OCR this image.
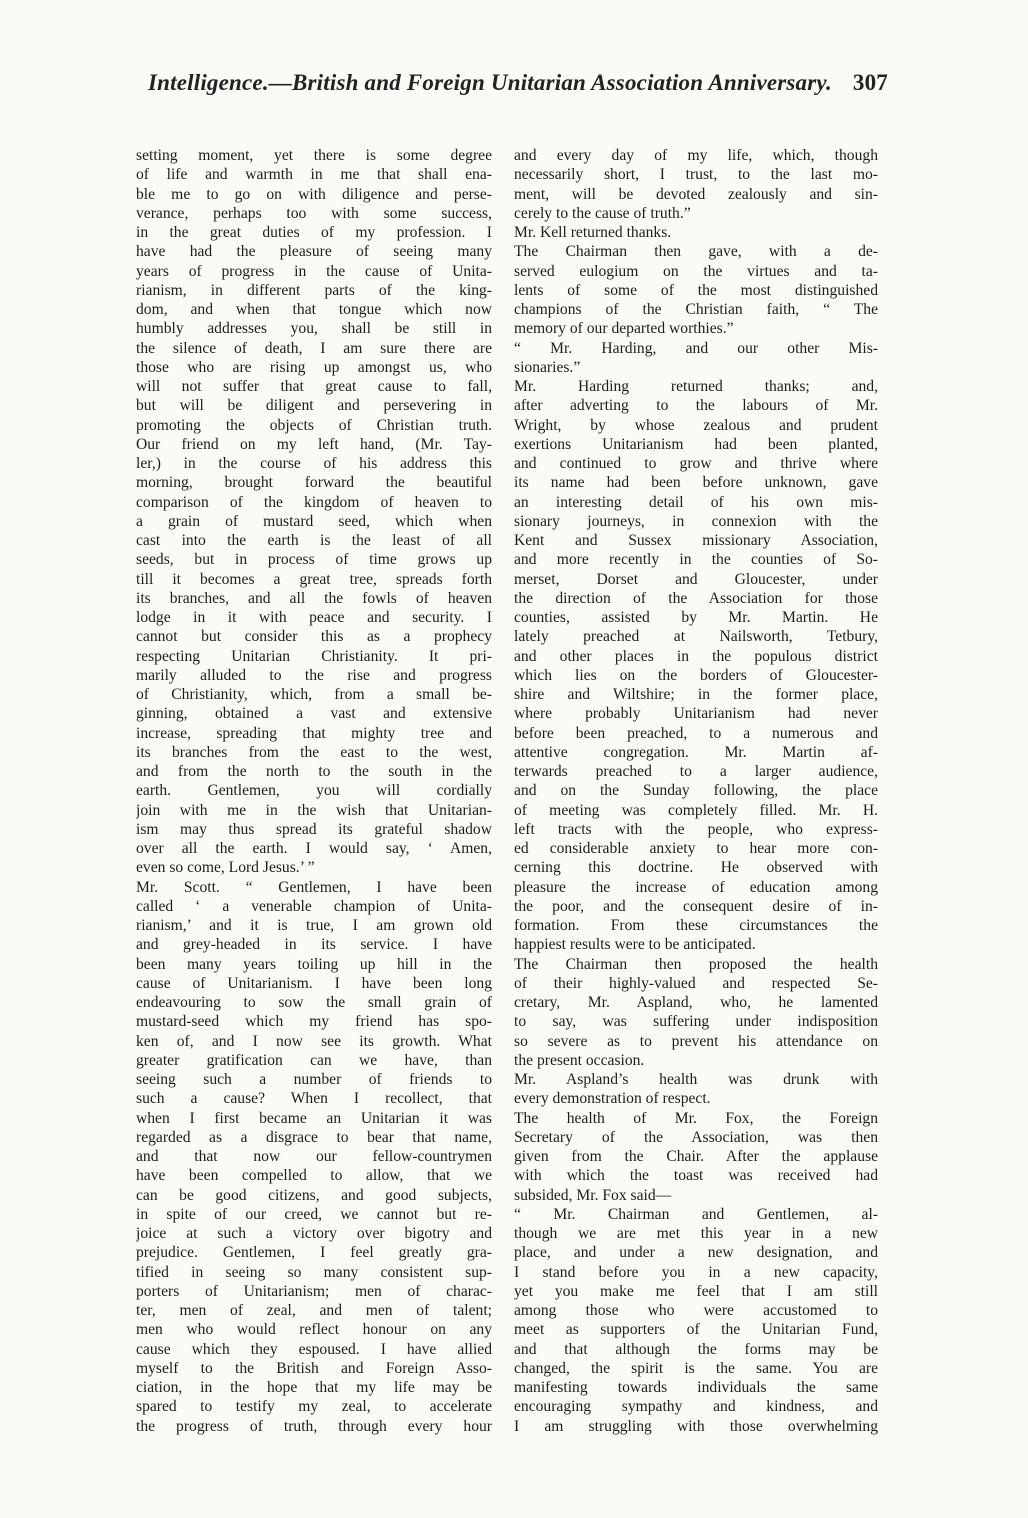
Intelligence.—British and Foreign Unitarian Association Anniversary. 307
setting moment, yet there is some degree
of life and warmth in me that shall ena-
ble me to go on with diligence and perse-
verance, perhaps too with some success,
in the great duties of my profession. I
have had the pleasure of seeing many
years of progress in the cause of Unita-
rianism, in different parts of the king-
dom, and when that tongue which now
humbly addresses you, shall be still in
the silence of death, I am sure there are
those who are rising up amongst us, who
will not suffer that great cause to fall,
but will be diligent and persevering in
promoting the objects of Christian truth.
Our friend on my left hand, (Mr. Tay-
ler,) in the course of his address this
morning, brought forward the beautiful
comparison of the kingdom of heaven to
a grain of mustard seed, which when
cast into the earth is the least of all
seeds, but in process of time grows up
till it becomes a great tree, spreads forth
its branches, and all the fowls of heaven
lodge in it with peace and security. I
cannot but consider this as a prophecy
respecting Unitarian Christianity. It pri-
marily alluded to the rise and progress
of Christianity, which, from a small be-
ginning, obtained a vast and extensive
increase, spreading that mighty tree and
its branches from the east to the west,
and from the north to the south in the
earth. Gentlemen, you will cordially
join with me in the wish that Unitarian-
ism may thus spread its grateful shadow
over all the earth. I would say, ‘ Amen,
even so come, Lord Jesus.’ ”
Mr. Scott. “ Gentlemen, I have been
called ‘ a venerable champion of Unita-
rianism,’ and it is true, I am grown old
and grey-headed in its service. I have
been many years toiling up hill in the
cause of Unitarianism. I have been long
endeavouring to sow the small grain of
mustard-seed which my friend has spo-
ken of, and I now see its growth. What
greater gratification can we have, than
seeing such a number of friends to
such a cause? When I recollect, that
when I first became an Unitarian it was
regarded as a disgrace to bear that name,
and that now our fellow-countrymen
have been compelled to allow, that we
can be good citizens, and good subjects,
in spite of our creed, we cannot but re-
joice at such a victory over bigotry and
prejudice. Gentlemen, I feel greatly gra-
tified in seeing so many consistent sup-
porters of Unitarianism; men of charac-
ter, men of zeal, and men of talent;
men who would reflect honour on any
cause which they espoused. I have allied
myself to the British and Foreign Asso-
ciation, in the hope that my life may be
spared to testify my zeal, to accelerate
the progress of truth, through every hour
and every day of my life, which, though
necessarily short, I trust, to the last mo-
ment, will be devoted zealously and sin-
cerely to the cause of truth.”
Mr. Kell returned thanks.
The Chairman then gave, with a de-
served eulogium on the virtues and ta-
lents of some of the most distinguished
champions of the Christian faith, “ The
memory of our departed worthies.”
“ Mr. Harding, and our other Mis-
sionaries.”
Mr. Harding returned thanks; and,
after adverting to the labours of Mr.
Wright, by whose zealous and prudent
exertions Unitarianism had been planted,
and continued to grow and thrive where
its name had been before unknown, gave
an interesting detail of his own mis-
sionary journeys, in connexion with the
Kent and Sussex missionary Association,
and more recently in the counties of So-
merset, Dorset and Gloucester, under
the direction of the Association for those
counties, assisted by Mr. Martin. He
lately preached at Nailsworth, Tetbury,
and other places in the populous district
which lies on the borders of Gloucester-
shire and Wiltshire; in the former place,
where probably Unitarianism had never
before been preached, to a numerous and
attentive congregation. Mr. Martin af-
terwards preached to a larger audience,
and on the Sunday following, the place
of meeting was completely filled. Mr. H.
left tracts with the people, who express-
ed considerable anxiety to hear more con-
cerning this doctrine. He observed with
pleasure the increase of education among
the poor, and the consequent desire of in-
formation. From these circumstances the
happiest results were to be anticipated.
The Chairman then proposed the health
of their highly-valued and respected Se-
cretary, Mr. Aspland, who, he lamented
to say, was suffering under indisposition
so severe as to prevent his attendance on
the present occasion.
Mr. Aspland’s health was drunk with
every demonstration of respect.
The health of Mr. Fox, the Foreign
Secretary of the Association, was then
given from the Chair. After the applause
with which the toast was received had
subsided, Mr. Fox said—
“ Mr. Chairman and Gentlemen, al-
though we are met this year in a new
place, and under a new designation, and
I stand before you in a new capacity,
yet you make me feel that I am still
among those who were accustomed to
meet as supporters of the Unitarian Fund,
and that although the forms may be
changed, the spirit is the same. You are
manifesting towards individuals the same
encouraging sympathy and kindness, and
I am struggling with those overwhelming
